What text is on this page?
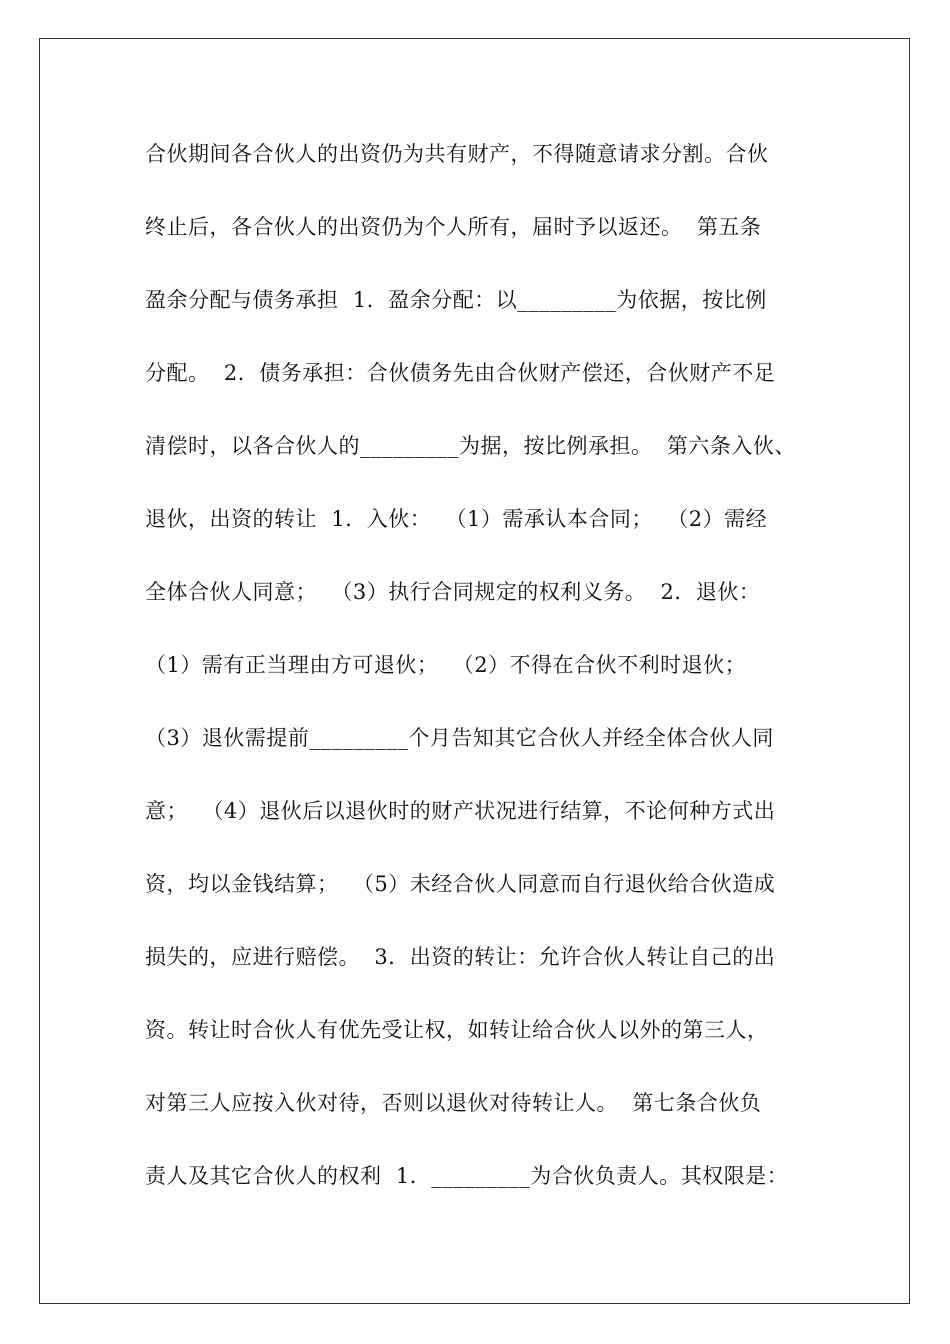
合伙期间各合伙人的出资仍为共有财产，不得随意请求分割。合伙
终止后，各合伙人的出资仍为个人所有，届时予以返还。  第五条
盈余分配与债务承担  1．盈余分配：以_________为依据，按比例
分配。  2．债务承担：合伙债务先由合伙财产偿还，合伙财产不足
清偿时，以各合伙人的_________为据，按比例承担。  第六条入伙、
退伙，出资的转让  1．入伙：  （1）需承认本合同；  （2）需经
全体合伙人同意；  （3）执行合同规定的权利义务。  2．退伙：
（1）需有正当理由方可退伙；  （2）不得在合伙不利时退伙；
（3）退伙需提前_________个月告知其它合伙人并经全体合伙人同
意；  （4）退伙后以退伙时的财产状况进行结算，不论何种方式出
资，均以金钱结算；  （5）未经合伙人同意而自行退伙给合伙造成
损失的，应进行赔偿。  3．出资的转让：允许合伙人转让自己的出
资。转让时合伙人有优先受让权，如转让给合伙人以外的第三人，
对第三人应按入伙对待，否则以退伙对待转让人。  第七条合伙负
责人及其它合伙人的权利  1．_________为合伙负责人。其权限是：
